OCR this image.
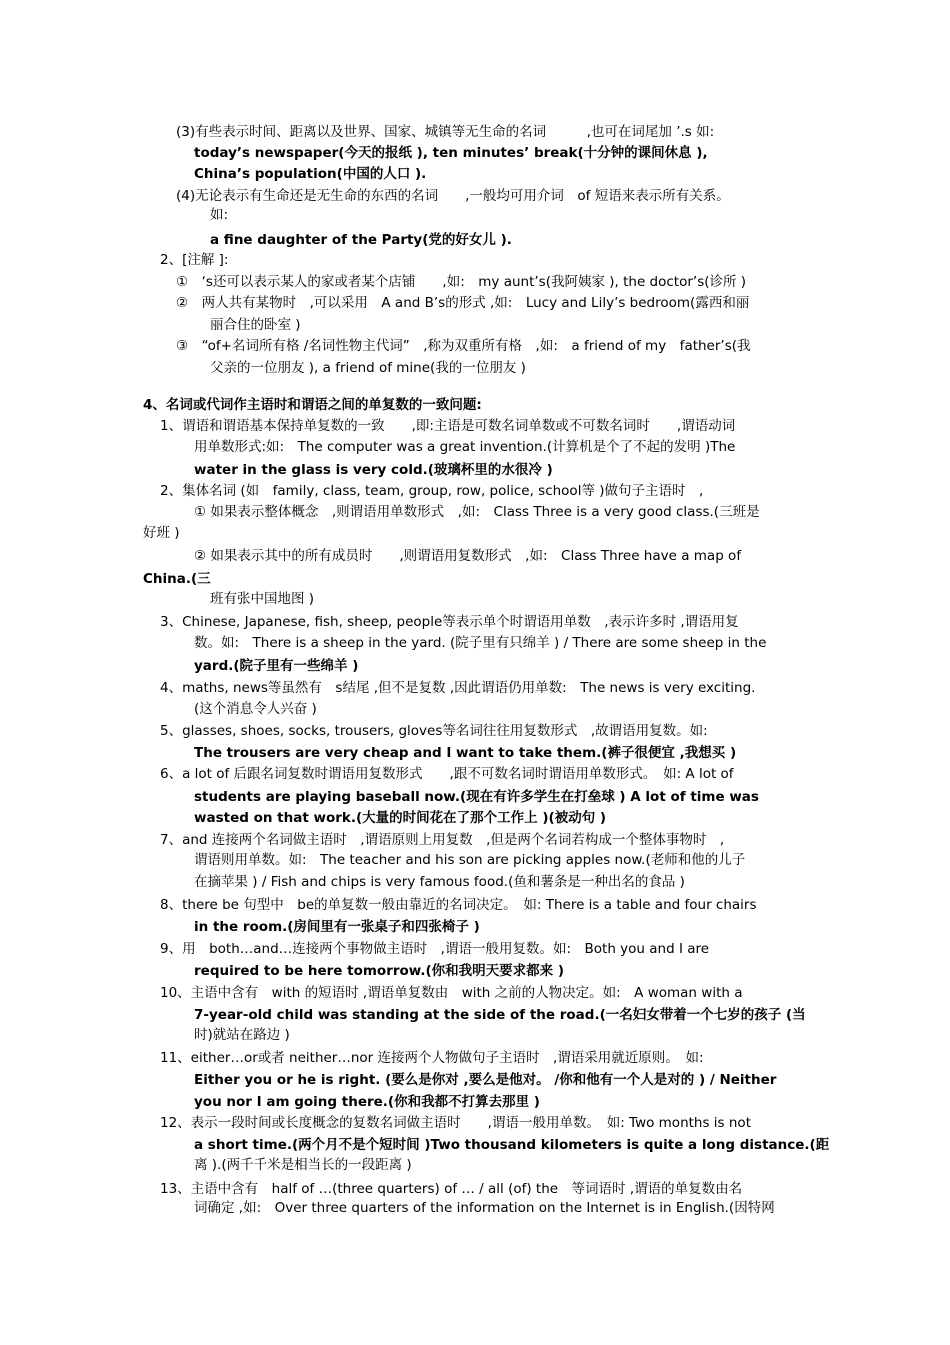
(3)有些表示时间、距离以及世界、国家、城镇等无生命的名词　　　,也可在词尾加 ’.s 如:
today’s newspaper(今天的报纸 ), ten minutes’ break(十分钟的课间休息 ),
China’s population(中国的人口 ).
(4)无论表示有生命还是无生命的东西的名词　　,一般均可用介词　of 短语来表示所有关系。
如:
a fine daughter of the Party(党的好女儿 ).
2、[注解 ]:
①　‘s还可以表示某人的家或者某个店铺　　,如:　my aunt’s(我阿姨家 ), the doctor’s(诊所 )
②　两人共有某物时　,可以采用　A and B’s的形式 ,如:　Lucy and Lily’s bedroom(露西和丽
丽合住的卧室 )
③　“of+名词所有格 /名词性物主代词”　,称为双重所有格　,如:　a friend of my　father’s(我
父亲的一位朋友 ), a friend of mine(我的一位朋友 )
4、名词或代词作主语时和谓语之间的单复数的一致问题:
1、谓语和谓语基本保持单复数的一致　　,即:主语是可数名词单数或不可数名词时　　,谓语动词
用单数形式:如:　The computer was a great invention.(计算机是个了不起的发明 )The
water in the glass is very cold.(玻璃杯里的水很冷 )
2、集体名词 (如　family, class, team, group, row, police, school等 )做句子主语时　,
① 如果表示整体概念　,则谓语用单数形式　,如:　Class Three is a very good class.(三班是
好班 )
② 如果表示其中的所有成员时　　,则谓语用复数形式　,如:　Class Three have a map of
China.(三
班有张中国地图 )
3、Chinese, Japanese, fish, sheep, people等表示单个时谓语用单数　,表示许多时 ,谓语用复
数。如:　There is a sheep in the yard. (院子里有只绵羊 ) / There are some sheep in the
yard.(院子里有一些绵羊 )
4、maths, news等虽然有　s结尾 ,但不是复数 ,因此谓语仍用单数:　The news is very exciting.
(这个消息令人兴奋 )
5、glasses, shoes, socks, trousers, gloves等名词往往用复数形式　,故谓语用复数。如:
The trousers are very cheap and I want to take them.(裤子很便宜 ,我想买 )
6、a lot of 后跟名词复数时谓语用复数形式　　,跟不可数名词时谓语用单数形式。　如: A lot of
students are playing baseball now.(现在有许多学生在打垒球 ) A lot of time was
wasted on that work.(大量的时间花在了那个工作上 )(被动句 )
7、and 连接两个名词做主语时　,谓语原则上用复数　,但是两个名词若构成一个整体事物时　,
谓语则用单数。如:　The teacher and his son are picking apples now.(老师和他的儿子
在摘苹果 ) / Fish and chips is very famous food.(鱼和薯条是一种出名的食品 )
8、there be 句型中　be的单复数一般由靠近的名词决定。　如: There is a table and four chairs
in the room.(房间里有一张桌子和四张椅子 )
9、用　both…and…连接两个事物做主语时　,谓语一般用复数。如:　Both you and I are
required to be here tomorrow.(你和我明天要求都来 )
10、主语中含有　with 的短语时 ,谓语单复数由　with 之前的人物决定。如:　A woman with a
7-year-old child was standing at the side of the road.(一名妇女带着一个七岁的孩子 (当
时)就站在路边 )
11、either…or或者 neither…nor 连接两个人物做句子主语时　,谓语采用就近原则。　如:
Either you or he is right. (要么是你对 ,要么是他对。 /你和他有一个人是对的 ) / Neither
you nor I am going there.(你和我都不打算去那里 )
12、表示一段时间或长度概念的复数名词做主语时　　,谓语一般用单数。　如: Two months is not
a short time.(两个月不是个短时间 )Two thousand kilometers is quite a long distance.(距
离 ).(两千千米是相当长的一段距离 )
13、主语中含有　half of …(three quarters) of … / all (of) the　等词语时 ,谓语的单复数由名
词确定 ,如:　Over three quarters of the information on the Internet is in English.(因特网
